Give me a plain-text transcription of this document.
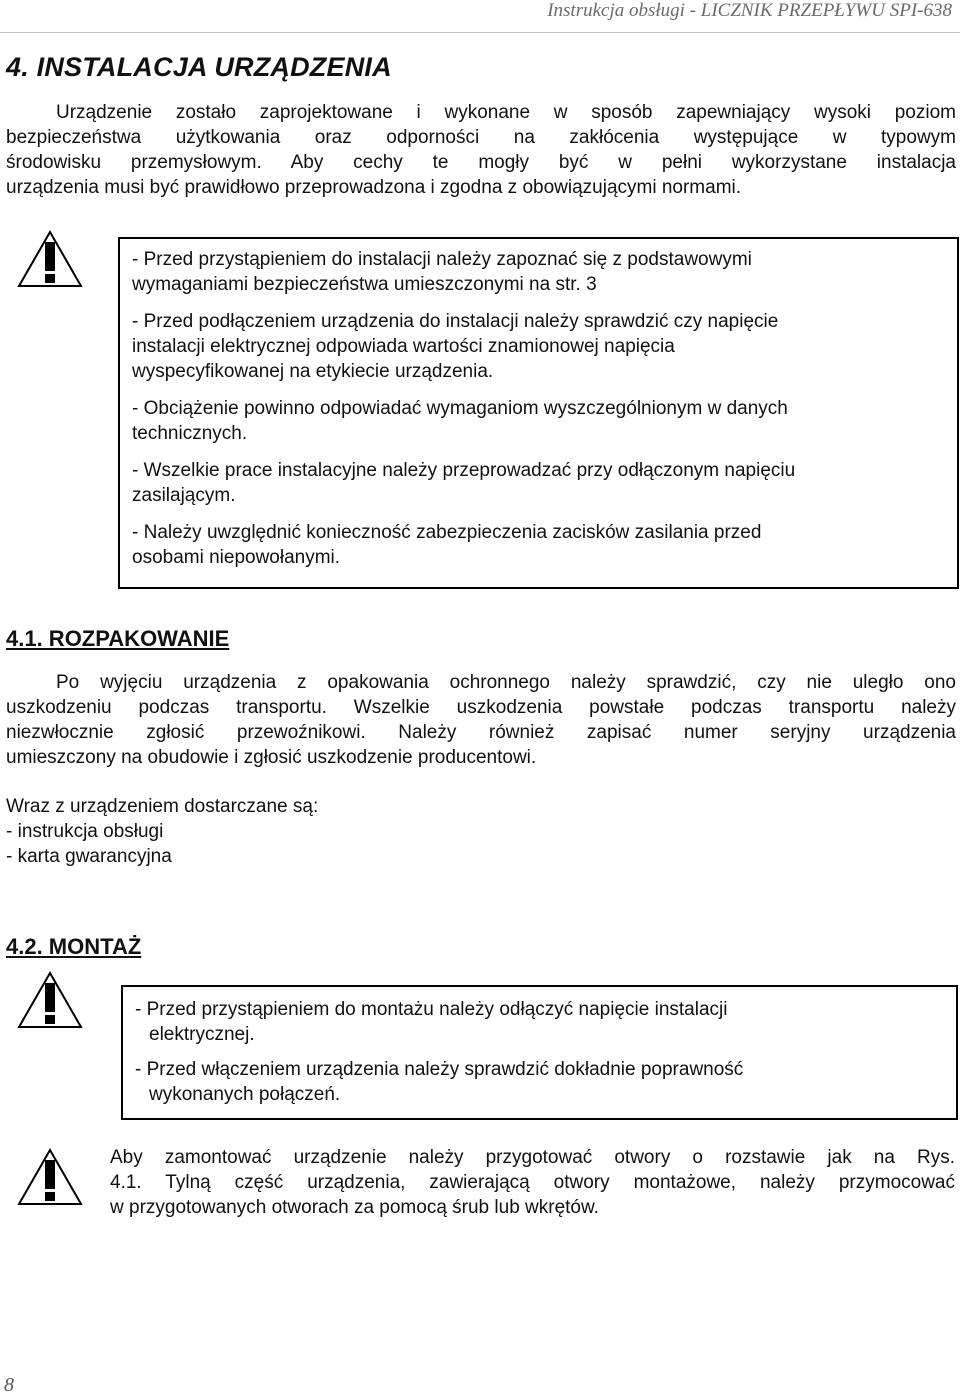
Instrukcja obsługi - LICZNIK PRZEPŁYWU SPI-638
4. INSTALACJA URZĄDZENIA
Urządzenie zostało zaprojektowane i wykonane w sposób zapewniający wysoki poziom
bezpieczeństwa użytkowania oraz odporności na zakłócenia występujące w typowym
środowisku przemysłowym. Aby cechy te mogły być w pełni wykorzystane instalacja
urządzenia musi być prawidłowo przeprowadzona i zgodna z obowiązującymi normami.

- Przed przystąpieniem do instalacji należy zapoznać się z podstawowymi
wymaganiami bezpieczeństwa umieszczonymi na str. 3

- Przed podłączeniem urządzenia do instalacji należy sprawdzić czy napięcie
instalacji elektrycznej odpowiada wartości znamionowej napięcia
wyspecyfikowanej na etykiecie urządzenia.

- Obciążenie powinno odpowiadać wymaganiom wyszczególnionym w danych
technicznych.

- Wszelkie prace instalacyjne należy przeprowadzać przy odłączonym napięciu
zasilającym.

- Należy uwzględnić konieczność zabezpieczenia zacisków zasilania przed
osobami niepowołanymi.

4.1. ROZPAKOWANIE
Po wyjęciu urządzenia z opakowania ochronnego należy sprawdzić, czy nie uległo ono
uszkodzeniu podczas transportu. Wszelkie uszkodzenia powstałe podczas transportu należy
niezwłocznie zgłosić przewoźnikowi. Należy również zapisać numer seryjny urządzenia
umieszczony na obudowie i zgłosić uszkodzenie producentowi.
Wraz z urządzeniem dostarczane są:
- instrukcja obsługi
- karta gwarancyjna
4.2. MONTAŻ

- Przed przystąpieniem do montażu należy odłączyć napięcie instalacji
elektrycznej.

- Przed włączeniem urządzenia należy sprawdzić dokładnie poprawność
wykonanych połączeń.

Aby zamontować urządzenie należy przygotować otwory o rozstawie jak na Rys.
4.1. Tylną część urządzenia, zawierającą otwory montażowe, należy przymocować
w przygotowanych otworach za pomocą śrub lub wkrętów.
8
